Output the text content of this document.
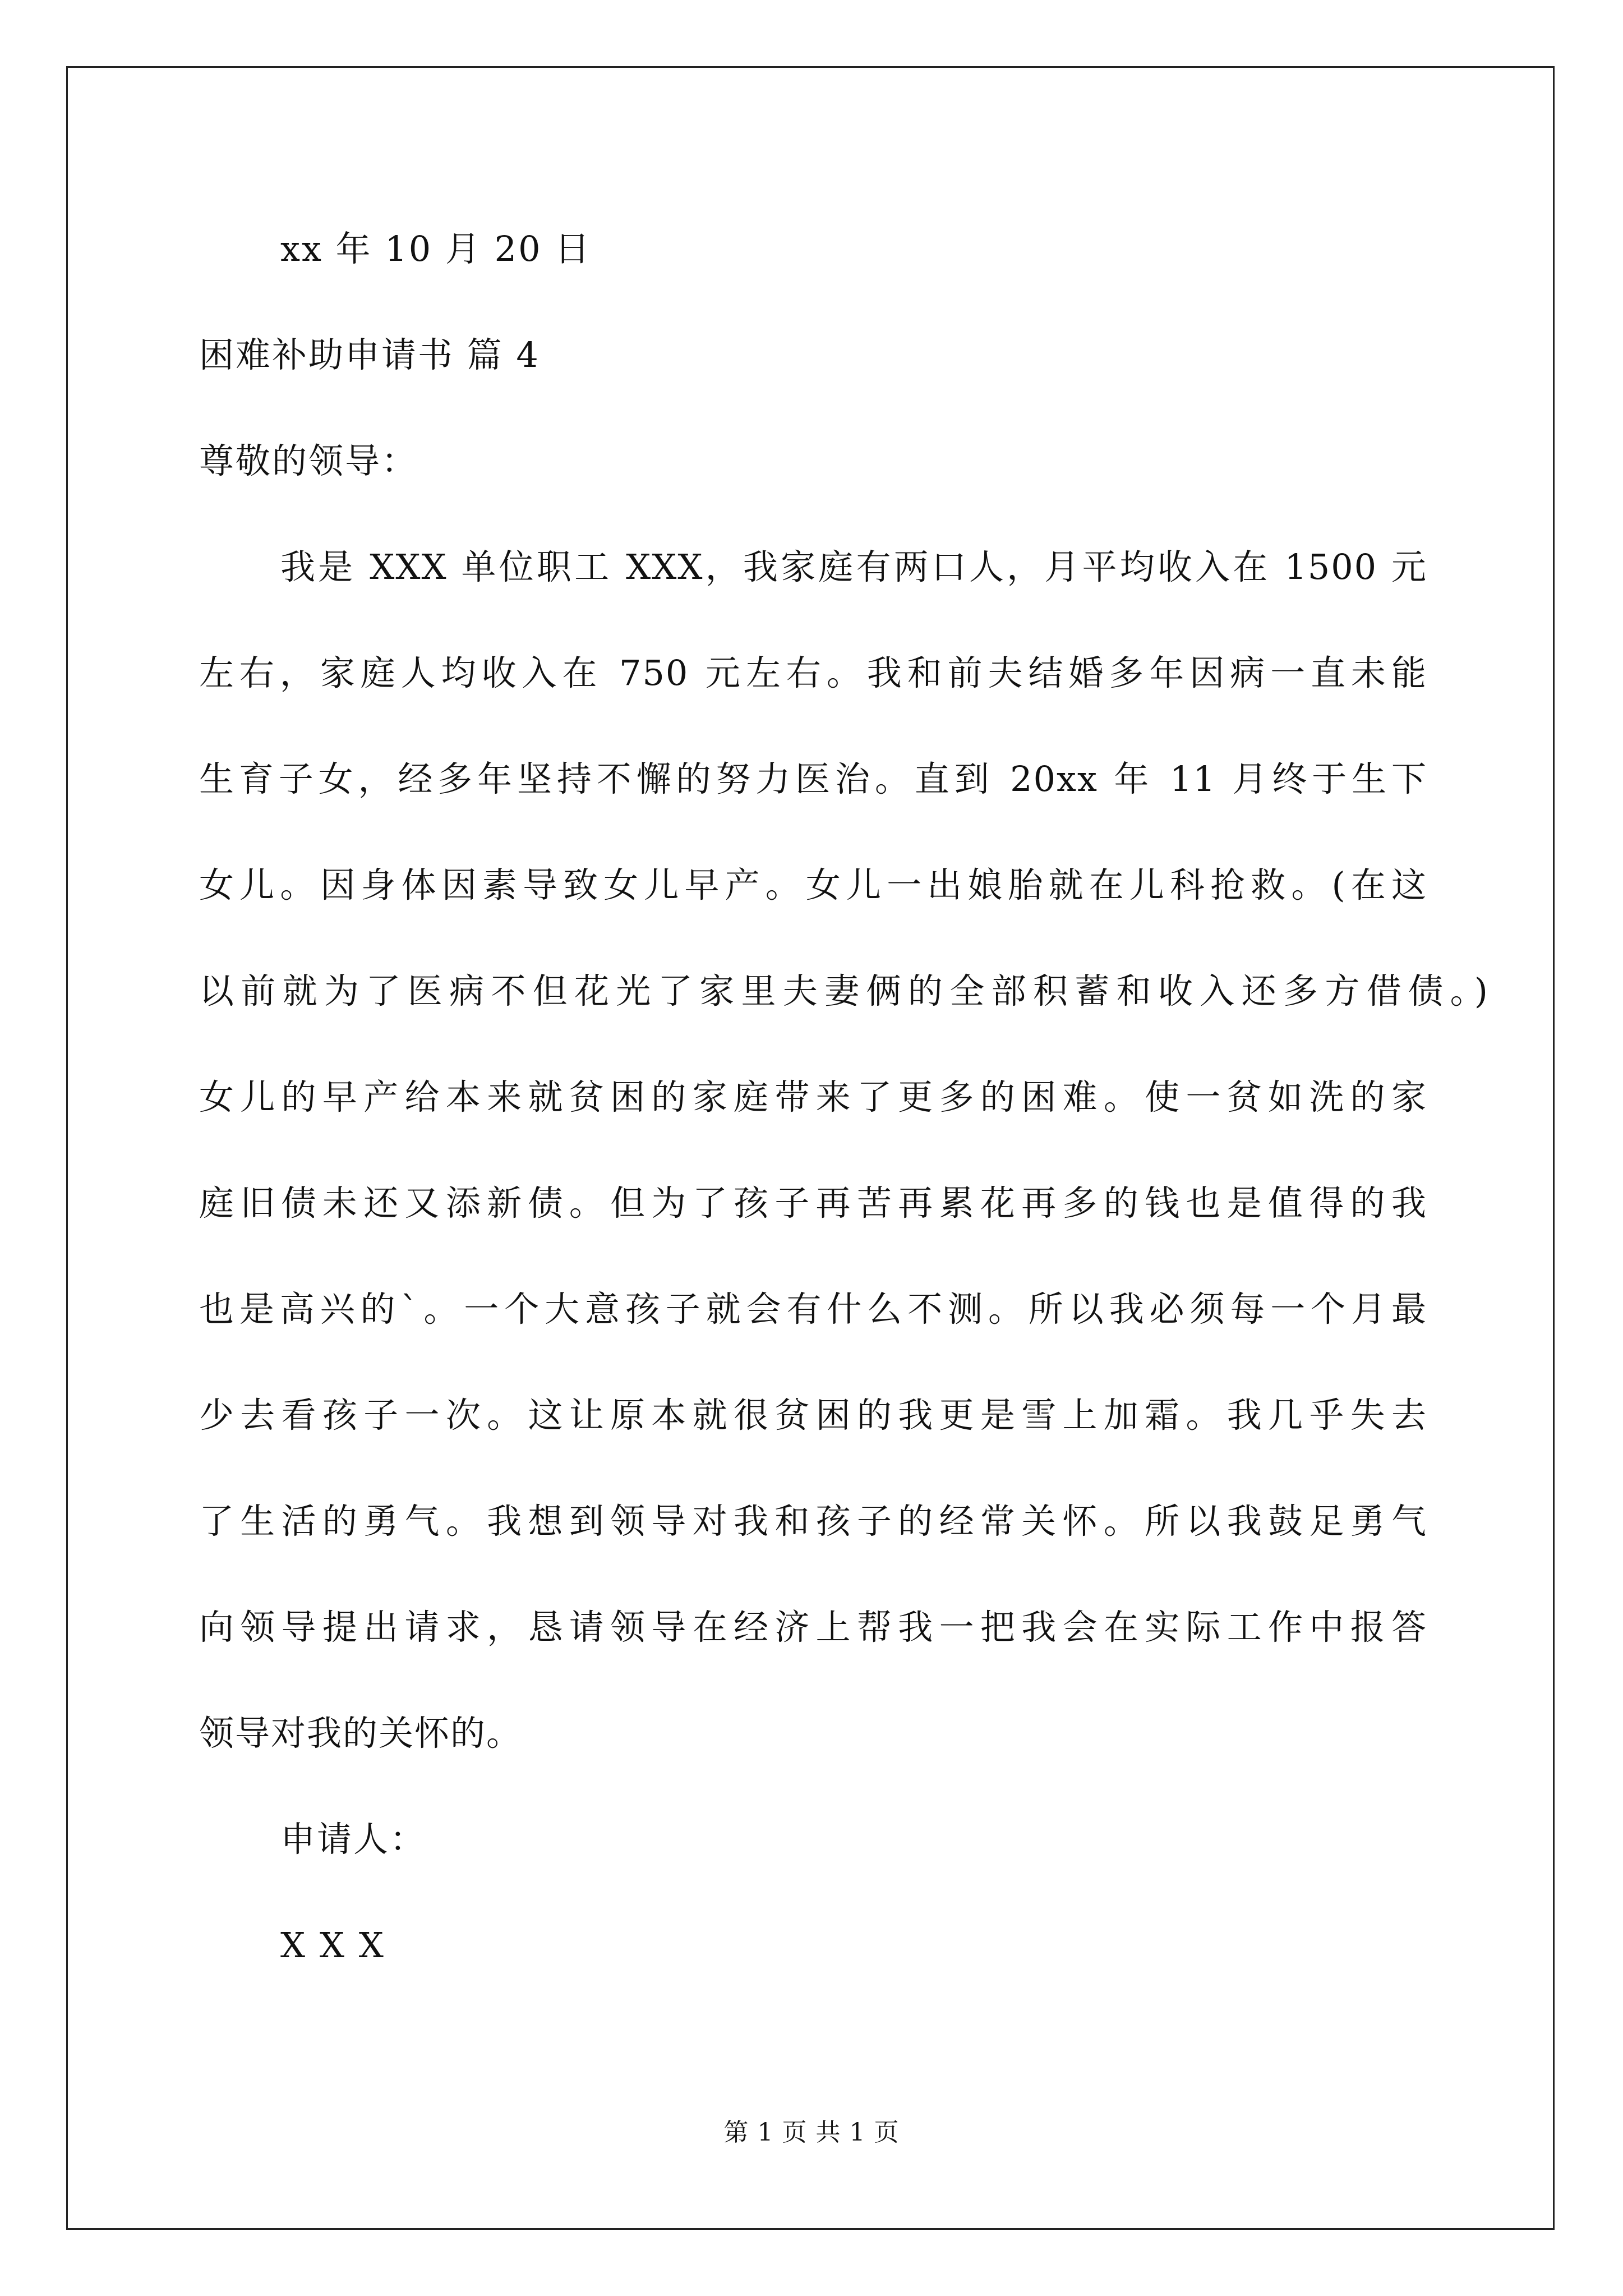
xx 年 10 月 20 日
困难补助申请书 篇 4
尊敬的领导：
我是 XXX 单位职工 XXX，我家庭有两口人，月平均收入在 1500 元
左右，家庭人均收入在 750 元左右。我和前夫结婚多年因病一直未能
生育子女，经多年坚持不懈的努力医治。直到 20xx 年 11 月终于生下
女儿。因身体因素导致女儿早产。女儿一出娘胎就在儿科抢救。(在这
以前就为了医病不但花光了家里夫妻俩的全部积蓄和收入还多方借债。)
女儿的早产给本来就贫困的家庭带来了更多的困难。使一贫如洗的家
庭旧债未还又添新债。但为了孩子再苦再累花再多的钱也是值得的我
也是高兴的`。一个大意孩子就会有什么不测。所以我必须每一个月最
少去看孩子一次。这让原本就很贫困的我更是雪上加霜。我几乎失去
了生活的勇气。我想到领导对我和孩子的经常关怀。所以我鼓足勇气
向领导提出请求，恳请领导在经济上帮我一把我会在实际工作中报答
领导对我的关怀的。
申请人：
X X X
第 1 页 共 1 页
